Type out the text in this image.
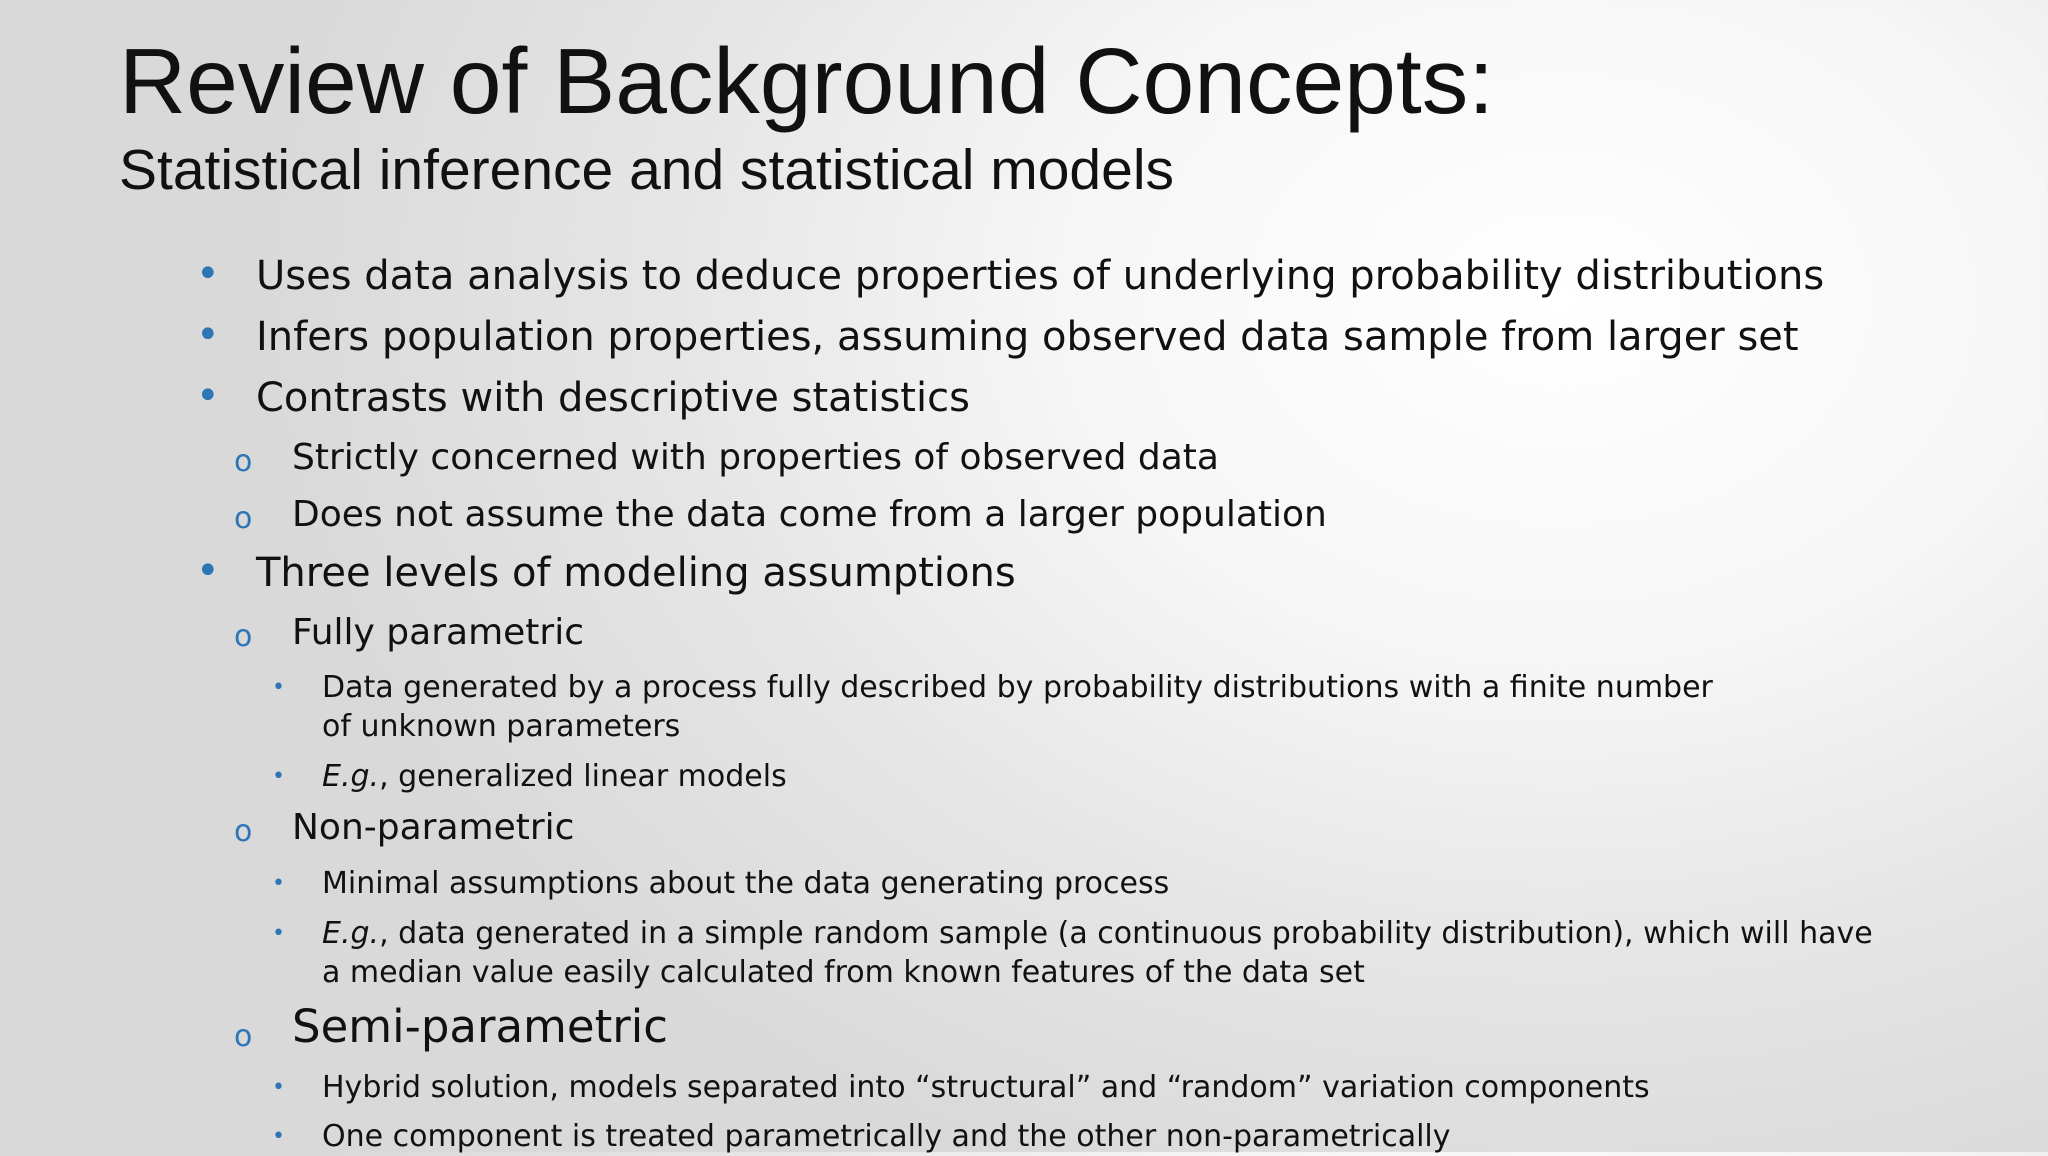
Review of Background Concepts:
Statistical inference and statistical models
• Uses data analysis to deduce properties of underlying probability distributions
• Infers population properties, assuming observed data sample from larger set
• Contrasts with descriptive statistics
o Strictly concerned with properties of observed data
o Does not assume the data come from a larger population
• Three levels of modeling assumptions
o Fully parametric
• Data generated by a process fully described by probability distributions with a finite number of unknown parameters
• E.g., generalized linear models
o Non-parametric
• Minimal assumptions about the data generating process
• E.g., data generated in a simple random sample (a continuous probability distribution), which will have a median value easily calculated from known features of the data set
o Semi-parametric
• Hybrid solution, models separated into “structural” and “random” variation components
• One component is treated parametrically and the other non-parametrically
